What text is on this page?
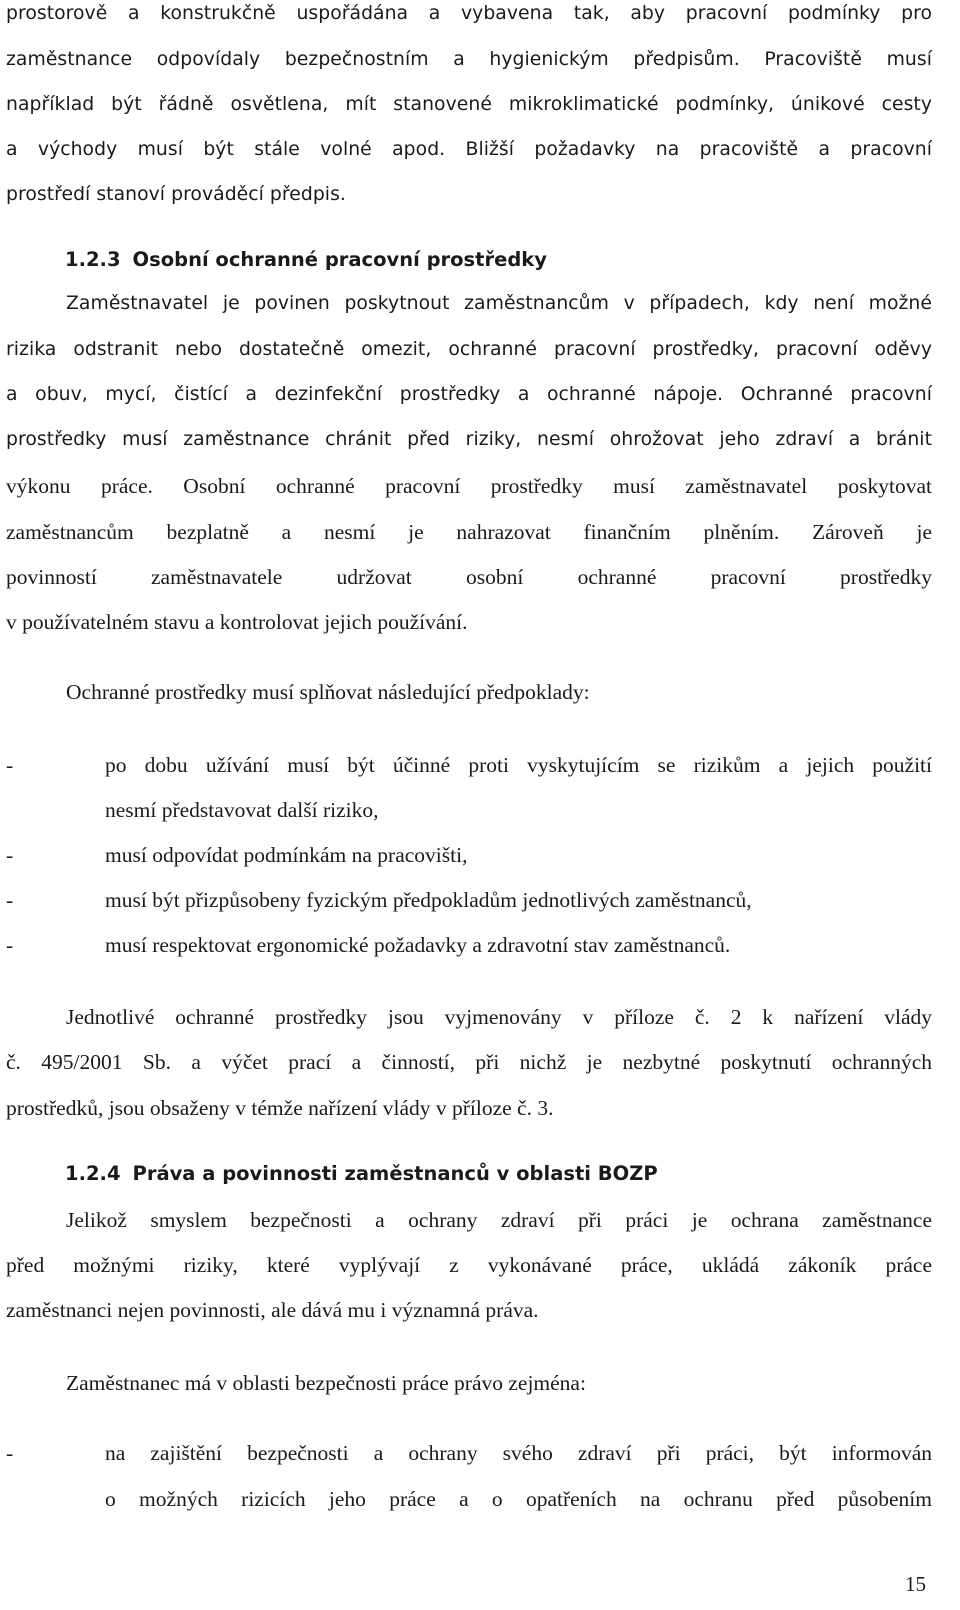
prostorově a konstrukčně uspořádána a vybavena tak, aby pracovní podmínky pro
zaměstnance odpovídaly bezpečnostním a hygienickým předpisům. Pracoviště musí
například být řádně osvětlena, mít stanovené mikroklimatické podmínky, únikové cesty
a východy musí být stále volné apod. Bližší požadavky na pracoviště a pracovní
prostředí stanoví prováděcí předpis.
1.2.3 Osobní ochranné pracovní prostředky
Zaměstnavatel je povinen poskytnout zaměstnancům v případech, kdy není možné
rizika odstranit nebo dostatečně omezit, ochranné pracovní prostředky, pracovní oděvy
a obuv, mycí, čistící a dezinfekční prostředky a ochranné nápoje. Ochranné pracovní
prostředky musí zaměstnance chránit před riziky, nesmí ohrožovat jeho zdraví a bránit
výkonu práce. Osobní ochranné pracovní prostředky musí zaměstnavatel poskytovat
zaměstnancům bezplatně a nesmí je nahrazovat finančním plněním. Zároveň je
povinností zaměstnavatele udržovat osobní ochranné pracovní prostředky
v používatelném stavu a kontrolovat jejich používání.
Ochranné prostředky musí splňovat následující předpoklady:
-	po dobu užívání musí být účinné proti vyskytujícím se rizikům a jejich použití
nesmí představovat další riziko,
-	musí odpovídat podmínkám na pracovišti,
-	musí být přizpůsobeny fyzickým předpokladům jednotlivých zaměstnanců,
-	musí respektovat ergonomické požadavky a zdravotní stav zaměstnanců.
Jednotlivé ochranné prostředky jsou vyjmenovány v příloze č. 2 k nařízení vlády
č. 495/2001 Sb. a výčet prací a činností, při nichž je nezbytné poskytnutí ochranných
prostředků, jsou obsaženy v témže nařízení vlády v příloze č. 3.
1.2.4 Práva a povinnosti zaměstnanců v oblasti BOZP
Jelikož smyslem bezpečnosti a ochrany zdraví při práci je ochrana zaměstnance
před možnými riziky, které vyplývají z vykonávané práce, ukládá zákoník práce
zaměstnanci nejen povinnosti, ale dává mu i významná práva.
Zaměstnanec má v oblasti bezpečnosti práce právo zejména:
-	na zajištění bezpečnosti a ochrany svého zdraví při práci, být informován
o možných rizicích jeho práce a o opatřeních na ochranu před působením
15
